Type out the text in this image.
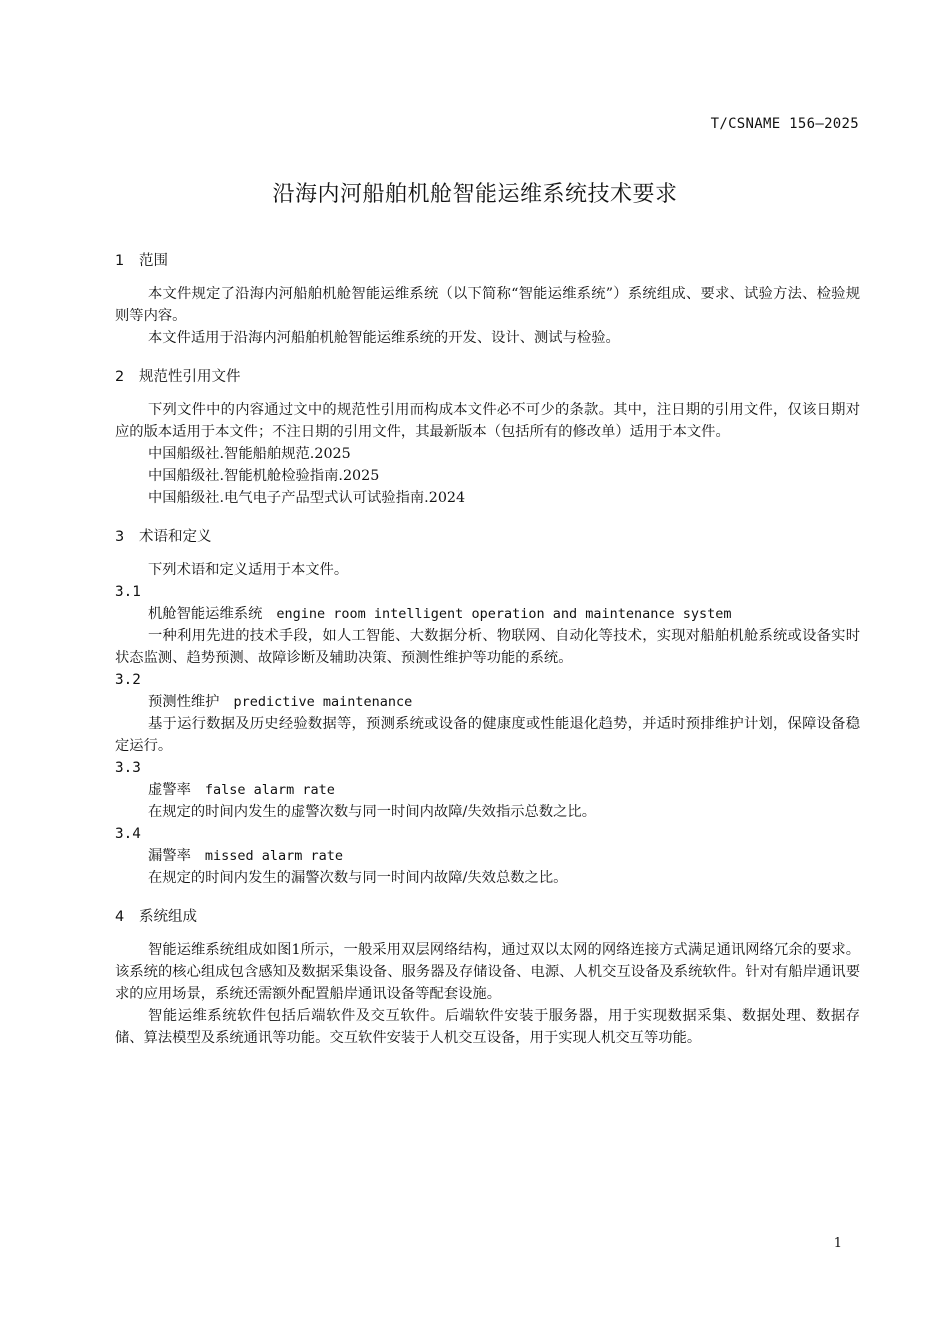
T/CSNAME 156—2025
沿海内河船舶机舱智能运维系统技术要求

1 范围

本文件规定了沿海内河船舶机舱智能运维系统（以下简称“智能运维系统”）系统组成、要求、试验方法、检验规则等内容。

本文件适用于沿海内河船舶机舱智能运维系统的开发、设计、测试与检验。

2 规范性引用文件

下列文件中的内容通过文中的规范性引用而构成本文件必不可少的条款。其中，注日期的引用文件，仅该日期对应的版本适用于本文件；不注日期的引用文件，其最新版本（包括所有的修改单）适用于本文件。

中国船级社.智能船舶规范.2025

中国船级社.智能机舱检验指南.2025

中国船级社.电气电子产品型式认可试验指南.2024

3 术语和定义

下列术语和定义适用于本文件。

3.1

机舱智能运维系统 engine room intelligent operation and maintenance system

一种利用先进的技术手段，如人工智能、大数据分析、物联网、自动化等技术，实现对船舶机舱系统或设备实时状态监测、趋势预测、故障诊断及辅助决策、预测性维护等功能的系统。

3.2

预测性维护 predictive maintenance

基于运行数据及历史经验数据等，预测系统或设备的健康度或性能退化趋势，并适时预排维护计划，保障设备稳定运行。

3.3

虚警率 false alarm rate

在规定的时间内发生的虚警次数与同一时间内故障/失效指示总数之比。

3.4

漏警率 missed alarm rate

在规定的时间内发生的漏警次数与同一时间内故障/失效总数之比。

4 系统组成

智能运维系统组成如图1所示，一般采用双层网络结构，通过双以太网的网络连接方式满足通讯网络冗余的要求。该系统的核心组成包含感知及数据采集设备、服务器及存储设备、电源、人机交互设备及系统软件。针对有船岸通讯要求的应用场景，系统还需额外配置船岸通讯设备等配套设施。

智能运维系统软件包括后端软件及交互软件。后端软件安装于服务器，用于实现数据采集、数据处理、数据存储、算法模型及系统通讯等功能。交互软件安装于人机交互设备，用于实现人机交互等功能。

1
